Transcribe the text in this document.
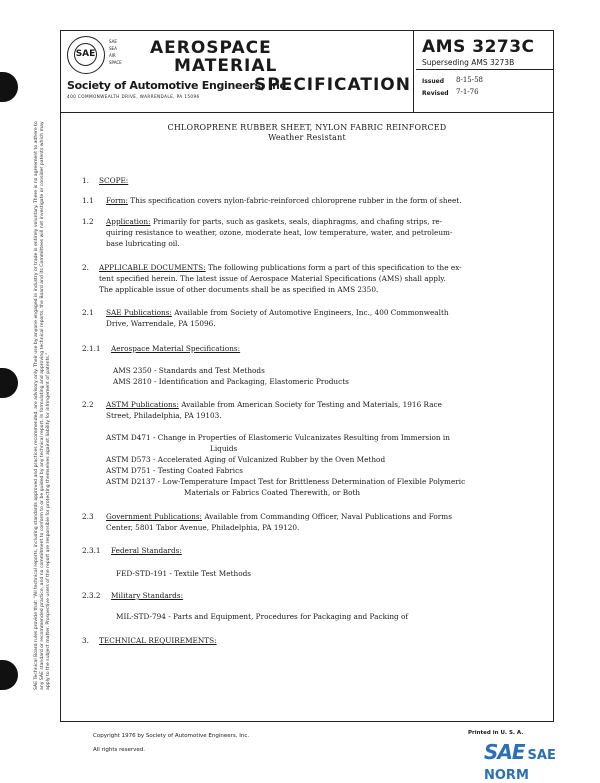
SAE Technical Board rules provide that: "All technical reports, including standards approved and practices recommended, are advisory only. Their use by anyone engaged in industry or trade is entirely voluntary. There is no agreement to adhere to any SAE standard or recommended practice, and no commitment to conform to or be guided by any technical report. In formulating and approving technical reports, the Board and its Committees will not investigate or consider patents which may apply to the subject matter. Prospective users of the report are responsible for protecting themselves against liability for infringement of patents."
SAE
SAE
SEA
AIR
SPACE
AEROSPACE
MATERIAL
SPECIFICATION
Society of Automotive Engineers, Inc.
400 COMMONWEALTH DRIVE, WARRENDALE, PA 15096
AMS 3273C
Superseding AMS 3273B
Issued 8-15-58
Revised 7-1-76
CHLOROPRENE RUBBER SHEET, NYLON FABRIC REINFORCED
Weather Resistant
1. SCOPE:
1.1 Form: This specification covers nylon-fabric-reinforced chloroprene rubber in the form of sheet.
1.2 Application: Primarily for parts, such as gaskets, seals, diaphragms, and chafing strips, re-
quiring resistance to weather, ozone, moderate heat, low temperature, water, and petroleum-
base lubricating oil.
2. APPLICABLE DOCUMENTS: The following publications form a part of this specification to the ex-
tent specified herein. The latest issue of Aerospace Material Specifications (AMS) shall apply.
The applicable issue of other documents shall be as specified in AMS 2350.
2.1 SAE Publications: Available from Society of Automotive Engineers, Inc., 400 Commonwealth
Drive, Warrendale, PA 15096.
2.1.1 Aerospace Material Specifications:
AMS 2350 - Standards and Test Methods
AMS 2810 - Identification and Packaging, Elastomeric Products
2.2 ASTM Publications: Available from American Society for Testing and Materials, 1916 Race
Street, Philadelphia, PA 19103.
ASTM D471 - Change in Properties of Elastomeric Vulcanizates Resulting from Immersion in
Liquids
ASTM D573 - Accelerated Aging of Vulcanized Rubber by the Oven Method
ASTM D751 - Testing Coated Fabrics
ASTM D2137 - Low-Temperature Impact Test for Brittleness Determination of Flexible Polymeric
Materials or Fabrics Coated Therewith, or Both
2.3 Government Publications: Available from Commanding Officer, Naval Publications and Forms
Center, 5801 Tabor Avenue, Philadelphia, PA 19120.
2.3.1 Federal Standards:
FED-STD-191 - Textile Test Methods
2.3.2 Military Standards:
MIL-STD-794 - Parts and Equipment, Procedures for Packaging and Packing of
3. TECHNICAL REQUIREMENTS:
Copyright 1976 by Society of Automotive Engineers, Inc.
All rights reserved.
Printed in U. S. A.
SAE SAE NORM
